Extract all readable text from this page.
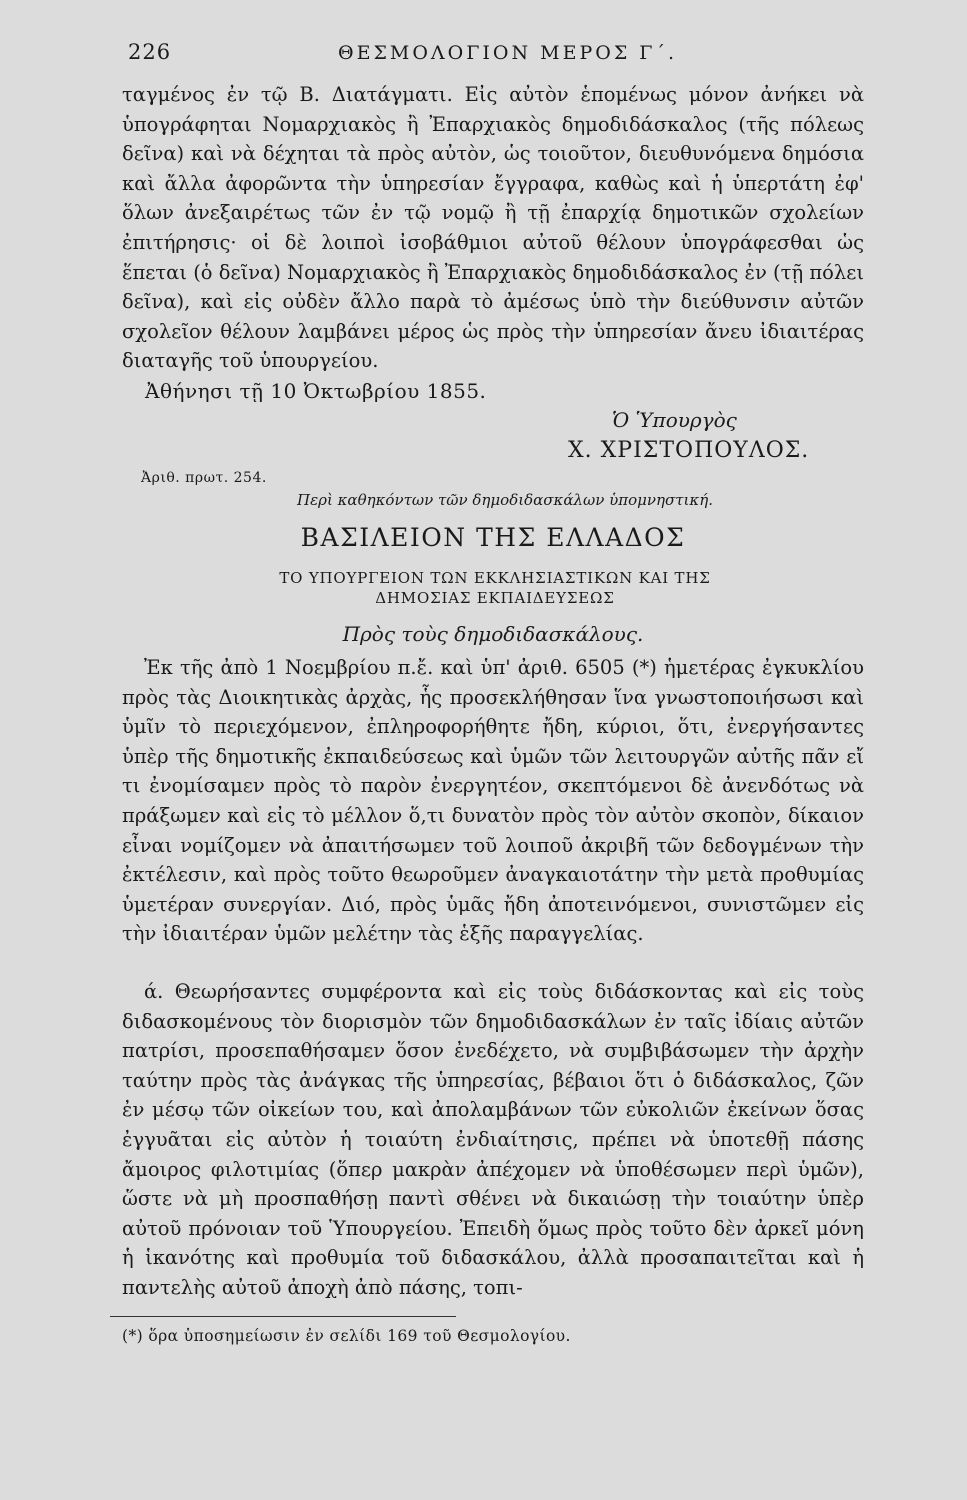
226	ΘΕΣΜΟΛΟΓΙΟΝ ΜΕΡΟΣ Γ΄.
ταγμένος ἐν τῷ Β. Διατάγματι. Εἰς αὐτὸν ἑπομένως μόνον ἀνήκει νὰ ὑπογράφηται Νομαρχιακὸς ἢ Ἐπαρχιακὸς δημοδιδάσκαλος (τῆς πόλεως δεῖνα) καὶ νὰ δέχηται τὰ πρὸς αὐτὸν, ὡς τοιοῦτον, διευθυνόμενα δημόσια καὶ ἄλλα ἀφορῶντα τὴν ὑπηρεσίαν ἔγγραφα, καθὼς καὶ ἡ ὑπερτάτη ἐφ' ὅλων ἀνεξαιρέτως τῶν ἐν τῷ νομῷ ἢ τῇ ἐπαρχίᾳ δημοτικῶν σχολείων ἐπιτήρησις· οἱ δὲ λοιποὶ ἰσοβάθμιοι αὐτοῦ θέλουν ὑπογράφεσθαι ὡς ἕπεται (ὁ δεῖνα) Νομαρχιακὸς ἢ Ἐπαρχιακὸς δημοδιδάσκαλος ἐν (τῇ πόλει δεῖνα), καὶ εἰς οὐδὲν ἄλλο παρὰ τὸ ἀμέσως ὑπὸ τὴν διεύθυνσιν αὐτῶν σχολεῖον θέλουν λαμβάνει μέρος ὡς πρὸς τὴν ὑπηρεσίαν ἄνευ ἰδιαιτέρας διαταγῆς τοῦ ὑπουργείου.
Ἀθήνησι τῇ 10 Ὀκτωβρίου 1855.
Ὁ Ὑπουργὸς
Χ. ΧΡΙΣΤΟΠΟΥΛΟΣ.
Ἀριθ. πρωτ. 254.
Περὶ καθηκόντων τῶν δημοδιδασκάλων ὑπομνηστική.
ΒΑΣΙΛΕΙΟΝ ΤΗΣ ΕΛΛΑΔΟΣ
ΤΟ ΥΠΟΥΡΓΕΙΟΝ ΤΩΝ ΕΚΚΛΗΣΙΑΣΤΙΚΩΝ ΚΑΙ ΤΗΣ
ΔΗΜΟΣΙΑΣ ΕΚΠΑΙΔΕΥΣΕΩΣ
Πρὸς τοὺς δημοδιδασκάλους.
Ἐκ τῆς ἀπὸ 1 Νοεμβρίου π.ἔ. καὶ ὑπ' ἀριθ. 6505 (*) ἡμετέρας ἐγκυκλίου πρὸς τὰς Διοικητικὰς ἀρχὰς, ἧς προσεκλήθησαν ἵνα γνωστοποιήσωσι καὶ ὑμῖν τὸ περιεχόμενον, ἐπληροφορήθητε ἤδη, κύριοι, ὅτι, ἐνεργήσαντες ὑπὲρ τῆς δημοτικῆς ἐκπαιδεύσεως καὶ ὑμῶν τῶν λειτουργῶν αὐτῆς πᾶν εἴ τι ἐνομίσαμεν πρὸς τὸ παρὸν ἐνεργητέον, σκεπτόμενοι δὲ ἀνενδότως νὰ πράξωμεν καὶ εἰς τὸ μέλλον ὅ,τι δυνατὸν πρὸς τὸν αὐτὸν σκοπὸν, δίκαιον εἶναι νομίζομεν νὰ ἀπαιτήσωμεν τοῦ λοιποῦ ἀκριβῆ τῶν δεδογμένων τὴν ἐκτέλεσιν, καὶ πρὸς τοῦτο θεωροῦμεν ἀναγκαιοτάτην τὴν μετὰ προθυμίας ὑμετέραν συνεργίαν. Διό, πρὸς ὑμᾶς ἤδη ἀποτεινόμενοι, συνιστῶμεν εἰς τὴν ἰδιαιτέραν ὑμῶν μελέτην τὰς ἑξῆς παραγγελίας.
ά. Θεωρήσαντες συμφέροντα καὶ εἰς τοὺς διδάσκοντας καὶ εἰς τοὺς διδασκομένους τὸν διορισμὸν τῶν δημοδιδασκάλων ἐν ταῖς ἰδίαις αὐτῶν πατρίσι, προσεπαθήσαμεν ὅσον ἐνεδέχετο, νὰ συμβιβάσωμεν τὴν ἀρχὴν ταύτην πρὸς τὰς ἀνάγκας τῆς ὑπηρεσίας, βέβαιοι ὅτι ὁ διδάσκαλος, ζῶν ἐν μέσῳ τῶν οἰκείων του, καὶ ἀπολαμβάνων τῶν εὐκολιῶν ἐκείνων ὅσας ἐγγυᾶται εἰς αὐτὸν ἡ τοιαύτη ἐνδιαίτησις, πρέπει νὰ ὑποτεθῇ πάσης ἄμοιρος φιλοτιμίας (ὅπερ μακρὰν ἀπέχομεν νὰ ὑποθέσωμεν περὶ ὑμῶν), ὥστε νὰ μὴ προσπαθήσῃ παντὶ σθένει νὰ δικαιώσῃ τὴν τοιαύτην ὑπὲρ αὐτοῦ πρόνοιαν τοῦ Ὑπουργείου. Ἐπειδὴ ὅμως πρὸς τοῦτο δὲν ἀρκεῖ μόνη ἡ ἱκανότης καὶ προθυμία τοῦ διδασκάλου, ἀλλὰ προσαπαιτεῖται καὶ ἡ παντελὴς αὐτοῦ ἀποχὴ ἀπὸ πάσης, τοπι-
(*) ὅρα ὑποσημείωσιν ἐν σελίδι 169 τοῦ Θεσμολογίου.
